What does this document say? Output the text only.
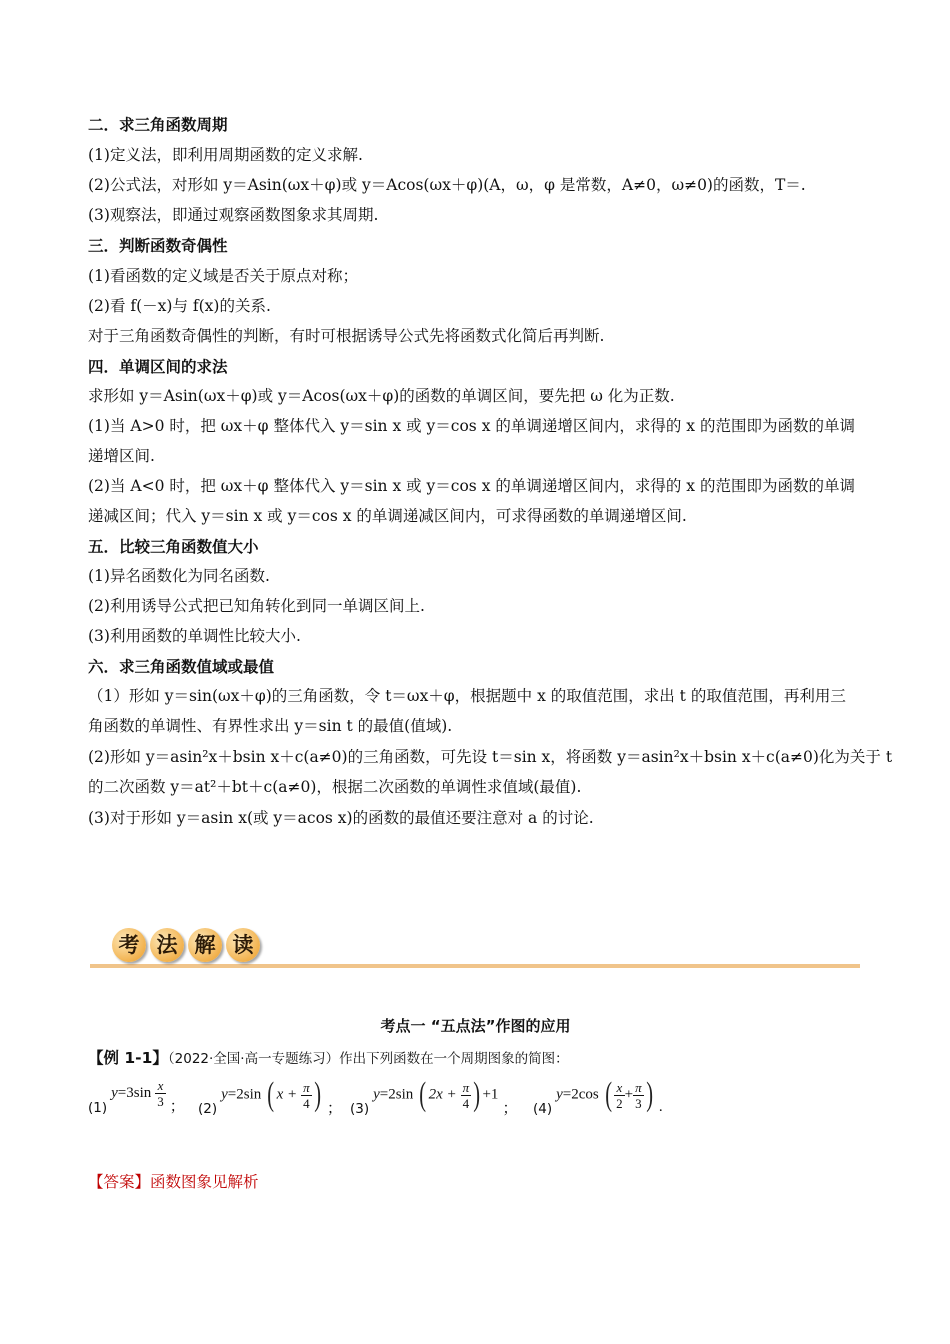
二．求三角函数周期
(1)定义法，即利用周期函数的定义求解.
(2)公式法，对形如 y＝Asin(ωx＋φ)或 y＝Acos(ωx＋φ)(A，ω，φ 是常数，A≠0，ω≠0)的函数，T＝.
(3)观察法，即通过观察函数图象求其周期.
三．判断函数奇偶性
(1)看函数的定义域是否关于原点对称；
(2)看 f(－x)与 f(x)的关系.
对于三角函数奇偶性的判断，有时可根据诱导公式先将函数式化简后再判断.
四．单调区间的求法
求形如 y＝Asin(ωx＋φ)或 y＝Acos(ωx＋φ)的函数的单调区间，要先把 ω 化为正数.
(1)当 A>0 时，把 ωx＋φ 整体代入 y＝sin x 或 y＝cos x 的单调递增区间内，求得的 x 的范围即为函数的单调
递增区间.
(2)当 A<0 时，把 ωx＋φ 整体代入 y＝sin x 或 y＝cos x 的单调递增区间内，求得的 x 的范围即为函数的单调
递减区间；代入 y＝sin x 或 y＝cos x 的单调递减区间内，可求得函数的单调递增区间.
五．比较三角函数值大小
(1)异名函数化为同名函数.
(2)利用诱导公式把已知角转化到同一单调区间上.
(3)利用函数的单调性比较大小.
六．求三角函数值域或最值
（1）形如 y＝sin(ωx＋φ)的三角函数，令 t＝ωx＋φ，根据题中 x 的取值范围，求出 t 的取值范围，再利用三
角函数的单调性、有界性求出 y＝sin t 的最值(值域).
(2)形如 y＝asin²x＋bsin x＋c(a≠0)的三角函数，可先设 t＝sin x，将函数 y＝asin²x＋bsin x＋c(a≠0)化为关于 t
的二次函数 y＝at²＋bt＋c(a≠0)，根据二次函数的单调性求值域(最值).
(3)对于形如 y＝asin x(或 y＝acos x)的函数的最值还要注意对 a 的讨论.
考 法 解 读
考点一 “五点法”作图的应用
【例 1-1】（2022·全国·高一专题练习）作出下列函数在一个周期图象的简图：
$_{(1)}$ $y=3\sin \frac{x}{3}$ ； $_{(2)}$ y=2sin ( $x + \frac{\pi}{4}$ ) ； $_{(3)}$ y=2sin ( $2x + \frac{\pi}{4}$ ) +1 ； $_{(4)}$ y=2cos ( $\frac{x}{2} + \frac{\pi}{3}$ ) .
【答案】函数图象见解析
